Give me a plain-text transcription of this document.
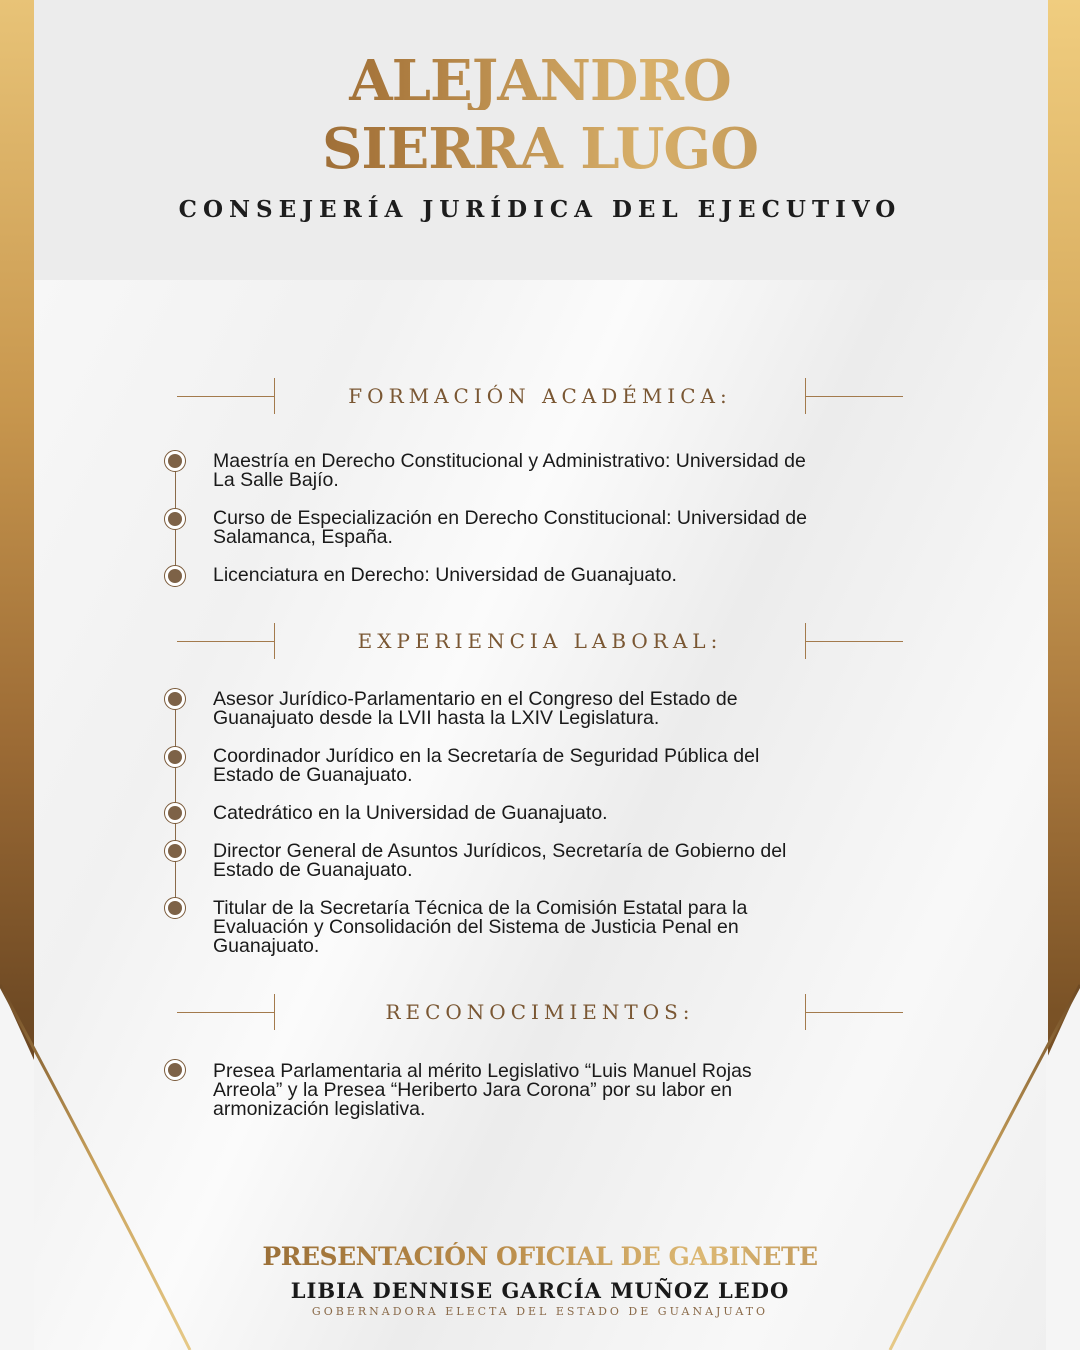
ALEJANDRO
SIERRA LUGO
CONSEJERÍA JURÍDICA DEL EJECUTIVO
FORMACIÓN ACADÉMICA:
Maestría en Derecho Constitucional y Administrativo: Universidad de
La Salle Bajío.
Curso de Especialización en Derecho Constitucional: Universidad de
Salamanca, España.
Licenciatura en Derecho: Universidad de Guanajuato.
EXPERIENCIA LABORAL:
Asesor Jurídico-Parlamentario en el Congreso del Estado de
Guanajuato desde la LVII hasta la LXIV Legislatura.
Coordinador Jurídico en la Secretaría de Seguridad Pública del
Estado de Guanajuato.
Catedrático en la Universidad de Guanajuato.
Director General de Asuntos Jurídicos, Secretaría de Gobierno del
Estado de Guanajuato.
Titular de la Secretaría Técnica de la Comisión Estatal para la
Evaluación y Consolidación del Sistema de Justicia Penal en
Guanajuato.
RECONOCIMIENTOS:
Presea Parlamentaria al mérito Legislativo “Luis Manuel Rojas
Arreola” y la Presea “Heriberto Jara Corona” por su labor en
armonización legislativa.
PRESENTACIÓN OFICIAL DE GABINETE
LIBIA DENNISE GARCÍA MUÑOZ LEDO
GOBERNADORA ELECTA DEL ESTADO DE GUANAJUATO
